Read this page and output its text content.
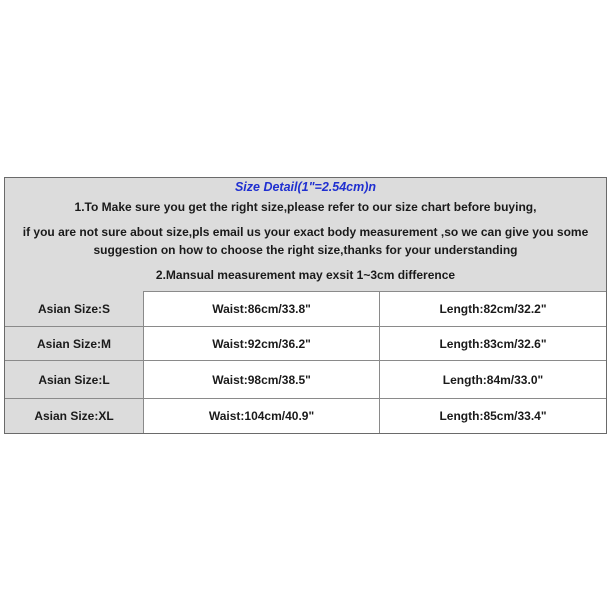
Size Detail(1"=2.54cm)n
1.To Make sure you get the right size,please refer to our size chart before buying,
if you are not sure about size,pls email us your exact body measurement ,so we can give you some
suggestion on how to choose the right size,thanks for your understanding
2.Mansual measurement may exsit 1~3cm difference
Asian Size:S	Waist:86cm/33.8"	Length:82cm/32.2"
Asian Size:M	Waist:92cm/36.2"	Length:83cm/32.6"
Asian Size:L	Waist:98cm/38.5"	Length:84m/33.0"
Asian Size:XL	Waist:104cm/40.9"	Length:85cm/33.4"
